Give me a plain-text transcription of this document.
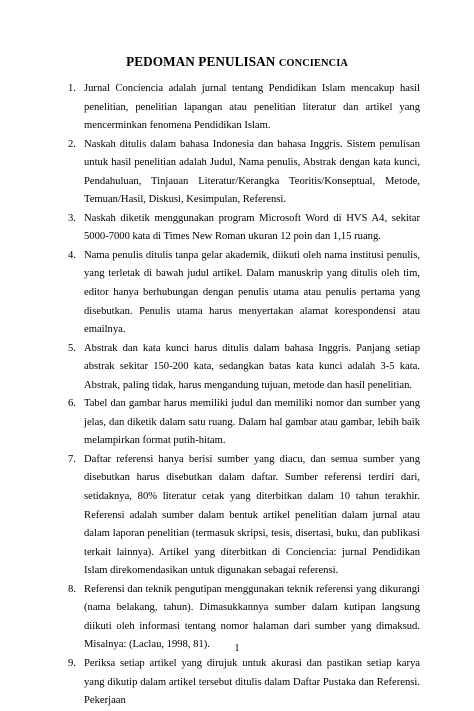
PEDOMAN PENULISAN CONCIENCIA
1. Jurnal Conciencia adalah jurnal tentang Pendidikan Islam mencakup hasil penelitian, penelitian lapangan atau penelitian literatur dan artikel yang mencerminkan fenomena Pendidikan Islam.
2. Naskah ditulis dalam bahasa Indonesia dan bahasa Inggris. Sistem penulisan untuk hasil penelitian adalah Judul, Nama penulis, Abstrak dengan kata kunci, Pendahuluan, Tinjauan Literatur/Kerangka Teoritis/Konseptual, Metode, Temuan/Hasil, Diskusi, Kesimpulan, Referensi.
3. Naskah diketik menggunakan program Microsoft Word di HVS A4, sekitar 5000-7000 kata di Times New Roman ukuran 12 poin dan 1,15 ruang.
4. Nama penulis ditulis tanpa gelar akademik, diikuti oleh nama institusi penulis, yang terletak di bawah judul artikel. Dalam manuskrip yang ditulis oleh tim, editor hanya berhubungan dengan penulis utama atau penulis pertama yang disebutkan. Penulis utama harus menyertakan alamat korespondensi atau emailnya.
5. Abstrak dan kata kunci harus ditulis dalam bahasa Inggris. Panjang setiap abstrak sekitar 150-200 kata, sedangkan batas kata kunci adalah 3-5 kata. Abstrak, paling tidak, harus mengandung tujuan, metode dan hasil penelitian.
6. Tabel dan gambar harus memiliki judul dan memiliki nomor dan sumber yang jelas, dan diketik dalam satu ruang. Dalam hal gambar atau gambar, lebih baik melampirkan format putih-hitam.
7. Daftar referensi hanya berisi sumber yang diacu, dan semua sumber yang disebutkan harus disebutkan dalam daftar. Sumber referensi terdiri dari, setidaknya, 80% literatur cetak yang diterbitkan dalam 10 tahun terakhir. Referensi adalah sumber dalam bentuk artikel penelitian dalam jurnal atau dalam laporan penelitian (termasuk skripsi, tesis, disertasi, buku, dan publikasi terkait lainnya). Artikel yang diterbitkan di Conciencia: jurnal Pendidikan Islam direkomendasikan untuk digunakan sebagai referensi.
8. Referensi dan teknik pengutipan menggunakan teknik referensi yang dikurangi (nama belakang, tahun). Dimasukkannya sumber dalam kutipan langsung diikuti oleh informasi tentang nomor halaman dari sumber yang dimaksud. Misalnya: (Laclau, 1998, 81).
9. Periksa setiap artikel yang dirujuk untuk akurasi dan pastikan setiap karya yang dikutip dalam artikel tersebut ditulis dalam Daftar Pustaka dan Referensi. Pekerjaan
1
